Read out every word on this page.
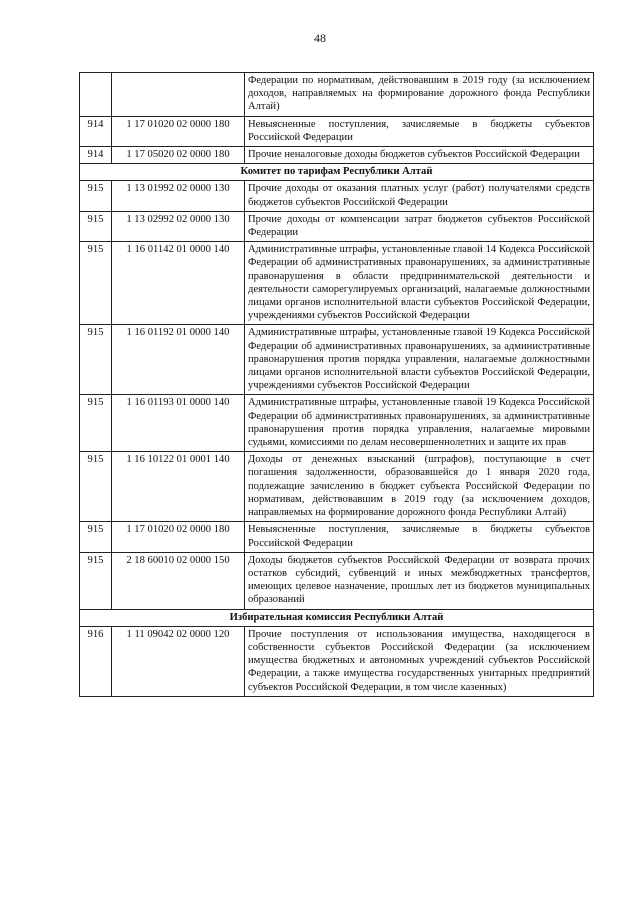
48
		Федерации по нормативам, действовавшим в 2019 году (за исключением доходов, направляемых на формирование дорожного фонда Республики Алтай)
914	1 17 01020 02 0000 180	Невыясненные поступления, зачисляемые в бюджеты субъектов Российской Федерации
914	1 17 05020 02 0000 180	Прочие неналоговые доходы бюджетов субъектов Российской Федерации
Комитет по тарифам Республики Алтай		
915	1 13 01992 02 0000 130	Прочие доходы от оказания платных услуг (работ) получателями средств бюджетов субъектов Российской Федерации
915	1 13 02992 02 0000 130	Прочие доходы от компенсации затрат бюджетов субъектов Российской Федерации
915	1 16 01142 01 0000 140	Административные штрафы, установленные главой 14 Кодекса Российской Федерации об административных правонарушениях, за административные правонарушения в области предпринимательской деятельности и деятельности саморегулируемых организаций, налагаемые должностными лицами органов исполнительной власти субъектов Российской Федерации, учреждениями субъектов Российской Федерации
915	1 16 01192 01 0000 140	Административные штрафы, установленные главой 19 Кодекса Российской Федерации об административных правонарушениях, за административные правонарушения против порядка управления, налагаемые должностными лицами органов исполнительной власти субъектов Российской Федерации, учреждениями субъектов Российской Федерации
915	1 16 01193 01 0000 140	Административные штрафы, установленные главой 19 Кодекса Российской Федерации об административных правонарушениях, за административные правонарушения против порядка управления, налагаемые мировыми судьями, комиссиями по делам несовершеннолетних и защите их прав
915	1 16 10122 01 0001 140	Доходы от денежных взысканий (штрафов), поступающие в счет погашения задолженности, образовавшейся до 1 января 2020 года, подлежащие зачислению в бюджет субъекта Российской Федерации по нормативам, действовавшим в 2019 году (за исключением доходов, направляемых на формирование дорожного фонда Республики Алтай)
915	1 17 01020 02 0000 180	Невыясненные поступления, зачисляемые в бюджеты субъектов Российской Федерации
915	2 18 60010 02 0000 150	Доходы бюджетов субъектов Российской Федерации от возврата прочих остатков субсидий, субвенций и иных межбюджетных трансфертов, имеющих целевое назначение, прошлых лет из бюджетов муниципальных образований
Избирательная комиссия Республики Алтай		
916	1 11 09042 02 0000 120	Прочие поступления от использования имущества, находящегося в собственности субъектов Российской Федерации (за исключением имущества бюджетных и автономных учреждений субъектов Российской Федерации, а также имущества государственных унитарных предприятий субъектов Российской Федерации, в том числе казенных)
